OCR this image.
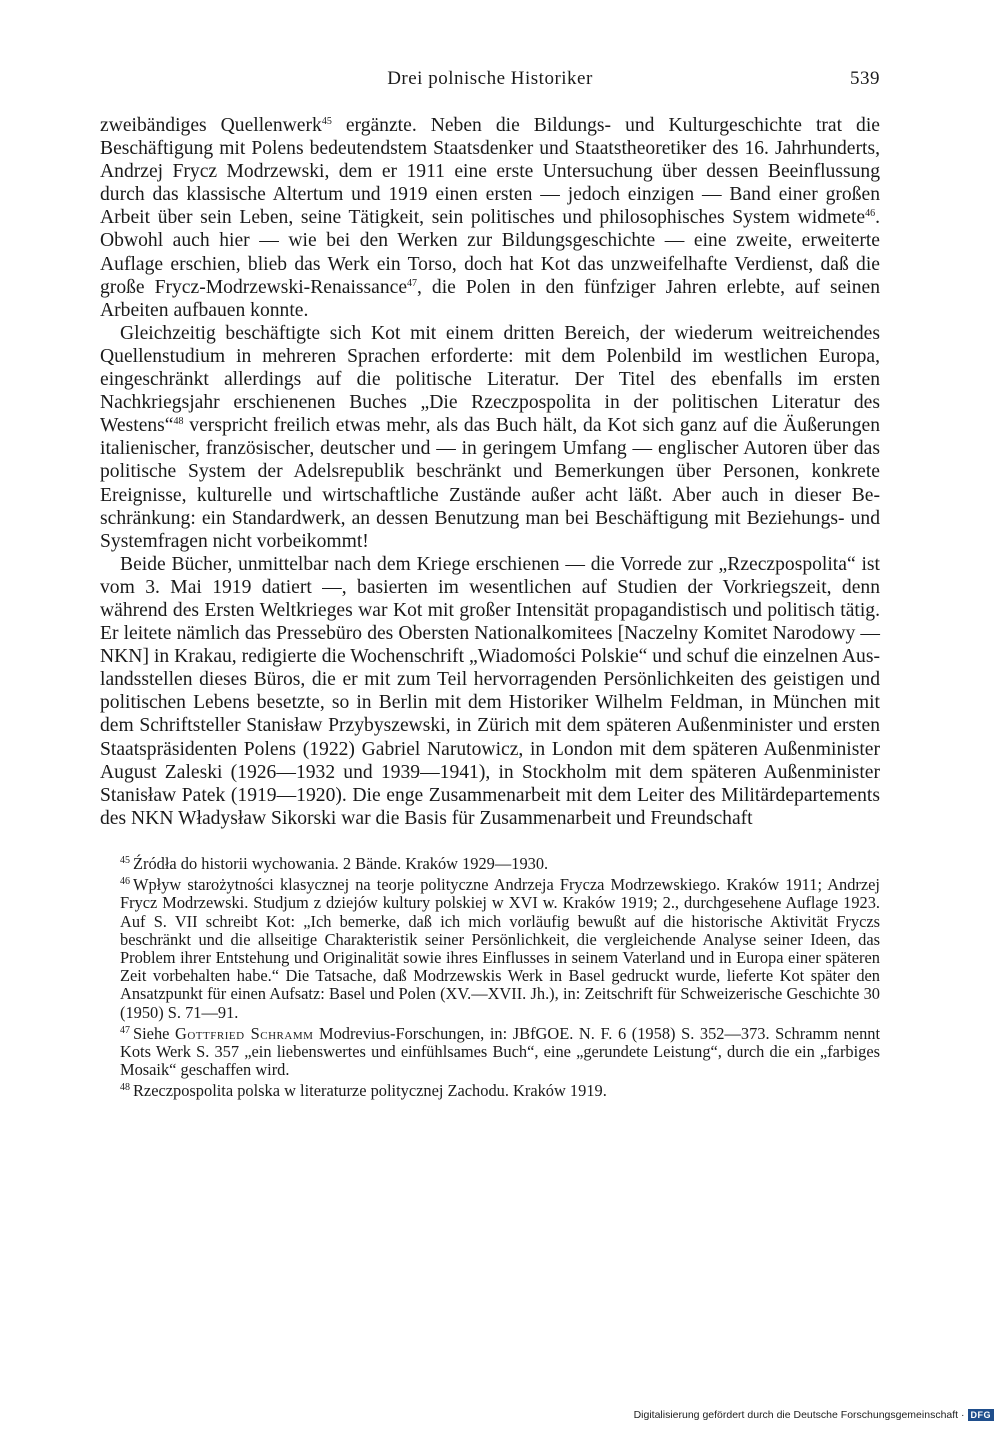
Drei polnische Historiker	539

zweibändiges Quellenwerk$^{45}$ ergänzte. Neben die Bildungs- und Kulturgeschichte trat die Beschäftigung mit Polens bedeutendstem Staatsdenker und Staatstheoretiker des 16. Jahrhunderts, Andrzej Frycz Modrzewski, dem er 1911 eine erste Untersuchung über dessen Beeinflussung durch das klassische Altertum und 1919 einen ersten — jedoch einzigen — Band einer großen Arbeit über sein Leben, seine Tätigkeit, sein politisches und philosophisches System widmete$^{46}$. Obwohl auch hier — wie bei den Werken zur Bildungsgeschichte — eine zweite, erweiterte Auflage erschien, blieb das Werk ein Torso, doch hat Kot das unzweifelhafte Verdienst, daß die große Frycz-Modrzewski-Renaissance$^{47}$, die Polen in den fünfziger Jahren erlebte, auf seinen Arbeiten aufbauen konnte.

Gleichzeitig beschäftigte sich Kot mit einem dritten Bereich, der wiederum weitreichendes Quellenstudium in mehreren Sprachen erforderte: mit dem Polenbild im westlichen Europa, eingeschränkt allerdings auf die politische Literatur. Der Titel des ebenfalls im ersten Nachkriegsjahr erschienenen Buches „Die Rzeczpospolita in der politischen Literatur des Westens“$^{48}$ verspricht freilich etwas mehr, als das Buch hält, da Kot sich ganz auf die Äußerungen italienischer, französischer, deutscher und — in geringem Umfang — englischer Autoren über das politische System der Adelsrepublik beschränkt und Bemerkungen über Personen, konkrete Ereignisse, kulturelle und wirtschaftliche Zustände außer acht läßt. Aber auch in dieser Beschränkung: ein Standardwerk, an dessen Benutzung man bei Beschäftigung mit Beziehungs- und Systemfragen nicht vorbeikommt!

Beide Bücher, unmittelbar nach dem Kriege erschienen — die Vorrede zur „Rzeczpospolita“ ist vom 3. Mai 1919 datiert —, basierten im wesentlichen auf Studien der Vorkriegszeit, denn während des Ersten Weltkrieges war Kot mit großer Intensität propagandistisch und politisch tätig. Er leitete nämlich das Pressebüro des Obersten Nationalkomitees [Naczelny Komitet Narodowy — NKN] in Krakau, redigierte die Wochenschrift „Wiadomości Polskie“ und schuf die einzelnen Auslandsstellen dieses Büros, die er mit zum Teil hervorragenden Persönlichkeiten des geistigen und politischen Lebens besetzte, so in Berlin mit dem Historiker Wilhelm Feldman, in München mit dem Schriftsteller Stanisław Przybyszewski, in Zürich mit dem späteren Außenminister und ersten Staatspräsidenten Polens (1922) Gabriel Narutowicz, in London mit dem späteren Außenminister August Zaleski (1926—1932 und 1939—1941), in Stockholm mit dem späteren Außenminister Stanisław Patek (1919—1920). Die enge Zusammenarbeit mit dem Leiter des Militärdepartements des NKN Władysław Sikorski war die Basis für Zusammenarbeit und Freundschaft

$^{45}$ Źródła do historii wychowania. 2 Bände. Kraków 1929—1930.

$^{46}$ Wpływ starożytności klasycznej na teorje polityczne Andrzeja Frycza Modrzewskiego. Kraków 1911; Andrzej Frycz Modrzewski. Studjum z dziejów kultury polskiej w XVI w. Kraków 1919; 2., durchgesehene Auflage 1923. Auf S. VII schreibt Kot: „Ich bemerke, daß ich mich vorläufig bewußt auf die historische Aktivität Fryczs beschränkt und die allseitige Charakteristik seiner Persönlichkeit, die vergleichende Analyse seiner Ideen, das Problem ihrer Entstehung und Originalität sowie ihres Einflusses in seinem Vaterland und in Europa einer späteren Zeit vorbehalten habe.“ Die Tatsache, daß Modrzewskis Werk in Basel gedruckt wurde, lieferte Kot später den Ansatzpunkt für einen Aufsatz: Basel und Polen (XV.—XVII. Jh.), in: Zeitschrift für Schweizerische Geschichte 30 (1950) S. 71—91.

$^{47}$ Siehe Gottfried Schramm Modrevius-Forschungen, in: JBfGOE. N. F. 6 (1958) S. 352—373. Schramm nennt Kots Werk S. 357 „ein liebenswertes und einfühlsames Buch“, eine „gerundete Leistung“, durch die ein „farbiges Mosaik“ geschaffen wird.

$^{48}$ Rzeczpospolita polska w literaturze politycznej Zachodu. Kraków 1919.

Digitalisierung gefördert durch die Deutsche Forschungsgemeinschaft · DFG
